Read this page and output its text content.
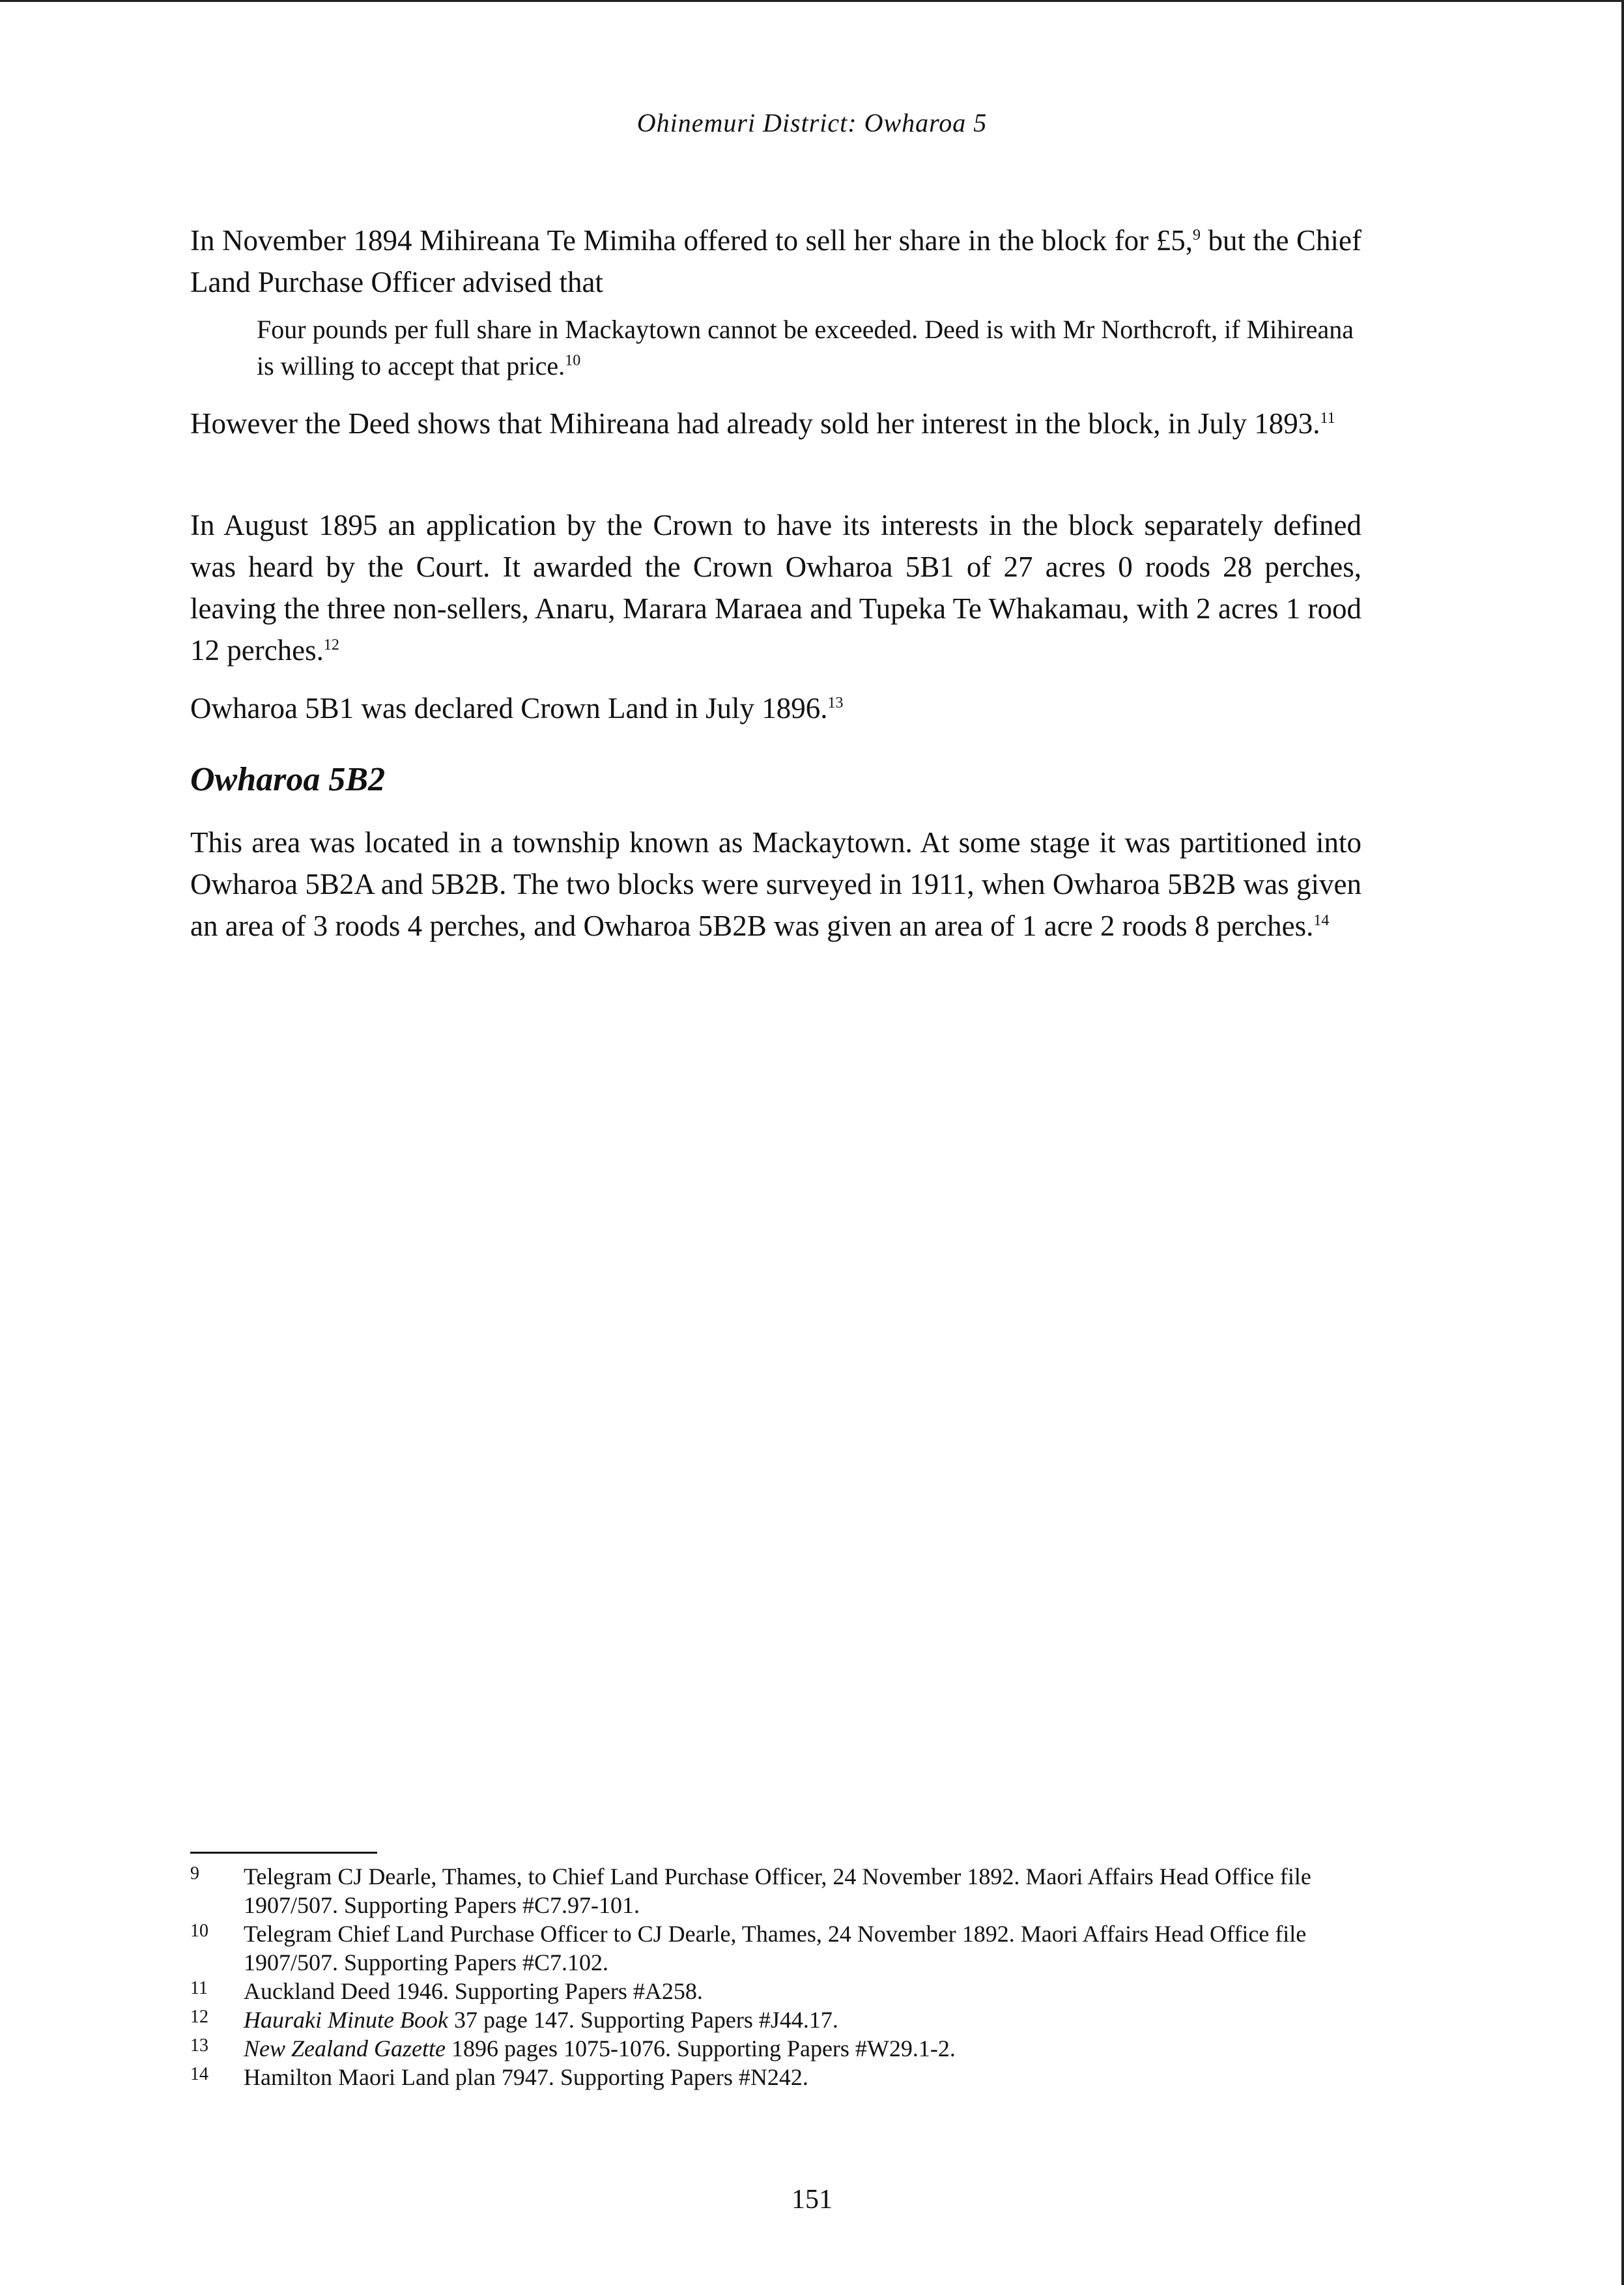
Ohinemuri District: Owharoa 5

In November 1894 Mihireana Te Mimiha offered to sell her share in the block for £5,$^9$ but the Chief Land Purchase Officer advised that

Four pounds per full share in Mackaytown cannot be exceeded. Deed is with Mr Northcroft, if Mihireana is willing to accept that price.$^{10}$

However the Deed shows that Mihireana had already sold her interest in the block, in July 1893.11

In August 1895 an application by the Crown to have its interests in the block separately defined was heard by the Court. It awarded the Crown Owharoa 5B1 of 27 acres 0 roods 28 perches, leaving the three non-sellers, Anaru, Marara Maraea and Tupeka Te Whakamau, with 2 acres 1 rood 12 perches.$^{12}$

Owharoa 5B1 was declared Crown Land in July 1896.13

Owharoa 5B2

This area was located in a township known as Mackaytown. At some stage it was partitioned into Owharoa 5B2A and 5B2B. The two blocks were surveyed in 1911, when Owharoa 5B2B was given an area of 3 roods 4 perches, and Owharoa 5B2B was given an area of 1 acre 2 roods 8 perches.$^{14}$

9 Telegram CJ Dearle, Thames, to Chief Land Purchase Officer, 24 November 1892. Maori Affairs Head Office file 1907/507. Supporting Papers #C7.97-101.
10 Telegram Chief Land Purchase Officer to CJ Dearle, Thames, 24 November 1892. Maori Affairs Head Office file 1907/507. Supporting Papers #C7.102.
11 Auckland Deed 1946. Supporting Papers #A258.
12 Hauraki Minute Book 37 page 147. Supporting Papers #J44.17.
13 New Zealand Gazette 1896 pages 1075-1076. Supporting Papers #W29.1-2.
14 Hamilton Maori Land plan 7947. Supporting Papers #N242.
151
